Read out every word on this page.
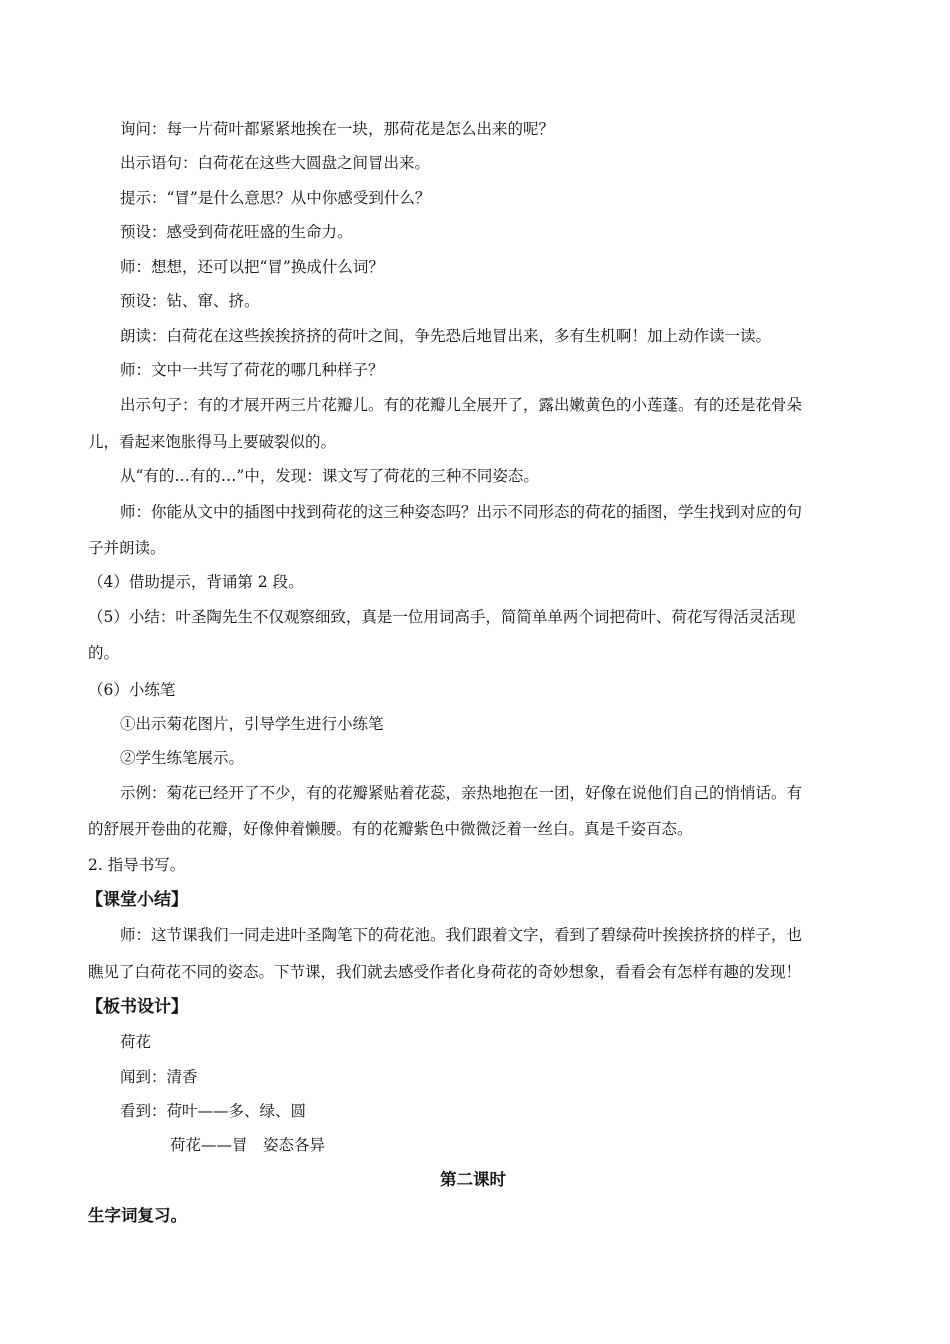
询问：每一片荷叶都紧紧地挨在一块，那荷花是怎么出来的呢？
出示语句：白荷花在这些大圆盘之间冒出来。
提示：“冒”是什么意思？从中你感受到什么？
预设：感受到荷花旺盛的生命力。
师：想想，还可以把“冒”换成什么词？
预设：钻、窜、挤。
朗读：白荷花在这些挨挨挤挤的荷叶之间，争先恐后地冒出来，多有生机啊！加上动作读一读。
师：文中一共写了荷花的哪几种样子？
出示句子：有的才展开两三片花瓣儿。有的花瓣儿全展开了，露出嫩黄色的小莲蓬。有的还是花骨朵
儿，看起来饱胀得马上要破裂似的。
从“有的…有的…”中，发现：课文写了荷花的三种不同姿态。
师：你能从文中的插图中找到荷花的这三种姿态吗？出示不同形态的荷花的插图，学生找到对应的句
子并朗读。
（4）借助提示，背诵第 2 段。
（5）小结：叶圣陶先生不仅观察细致，真是一位用词高手，简简单单两个词把荷叶、荷花写得活灵活现
的。
（6）小练笔
①出示菊花图片，引导学生进行小练笔
②学生练笔展示。
示例：菊花已经开了不少，有的花瓣紧贴着花蕊，亲热地抱在一团，好像在说他们自己的悄悄话。有
的舒展开卷曲的花瓣，好像伸着懒腰。有的花瓣紫色中微微泛着一丝白。真是千姿百态。
2. 指导书写。
【课堂小结】
师：这节课我们一同走进叶圣陶笔下的荷花池。我们跟着文字，看到了碧绿荷叶挨挨挤挤的样子，也
瞧见了白荷花不同的姿态。下节课，我们就去感受作者化身荷花的奇妙想象，看看会有怎样有趣的发现！
【板书设计】
荷花
闻到：清香
看到：荷叶——多、绿、圆
荷花——冒　姿态各异
第二课时
生字词复习。
